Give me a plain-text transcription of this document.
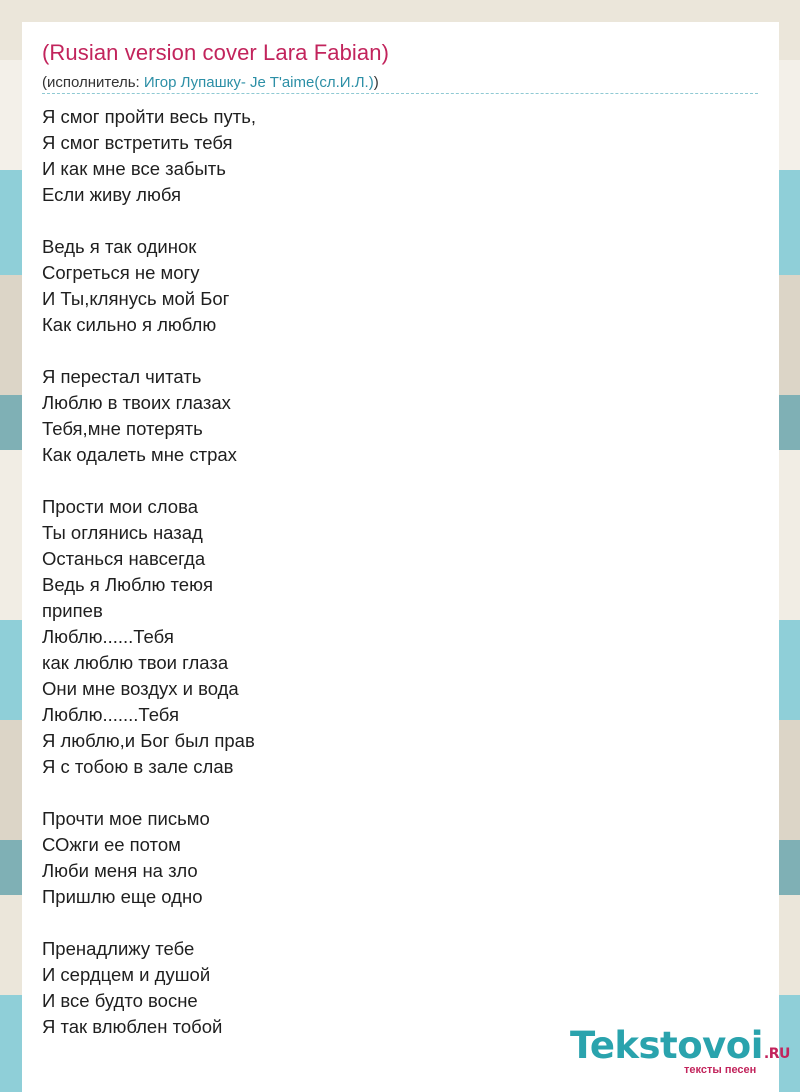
(Rusian version cover Lara Fabian)
(исполнитель: Игор Лупашку- Je T'aime(сл.И.Л.))
Я смог пройти весь путь,
Я смог встретить тебя
И как мне все забыть
Если живу любя
Ведь я так одинок
Согреться не могу
И Ты,клянусь мой Бог
Как сильно я люблю
Я перестал читать
Люблю в твоих глазах
Тебя,мне потерять
Как одалеть мне страх
Прости мои слова
Ты оглянись назад
Останься навсегда
Ведь я Люблю теюя
припев
Люблю......Тебя
как люблю твои глаза
Они мне воздух и вода
Люблю.......Тебя
Я люблю,и Бог был прав
Я с тобою в зале слав
Прочти мое письмо
СОжги ее потом
Люби меня на зло
Пришлю еще одно
Пренадлижу тебе
И сердцем и душой
И все будто восне
Я так влюблен тобой	Tekstovoi.RU
тексты песен
